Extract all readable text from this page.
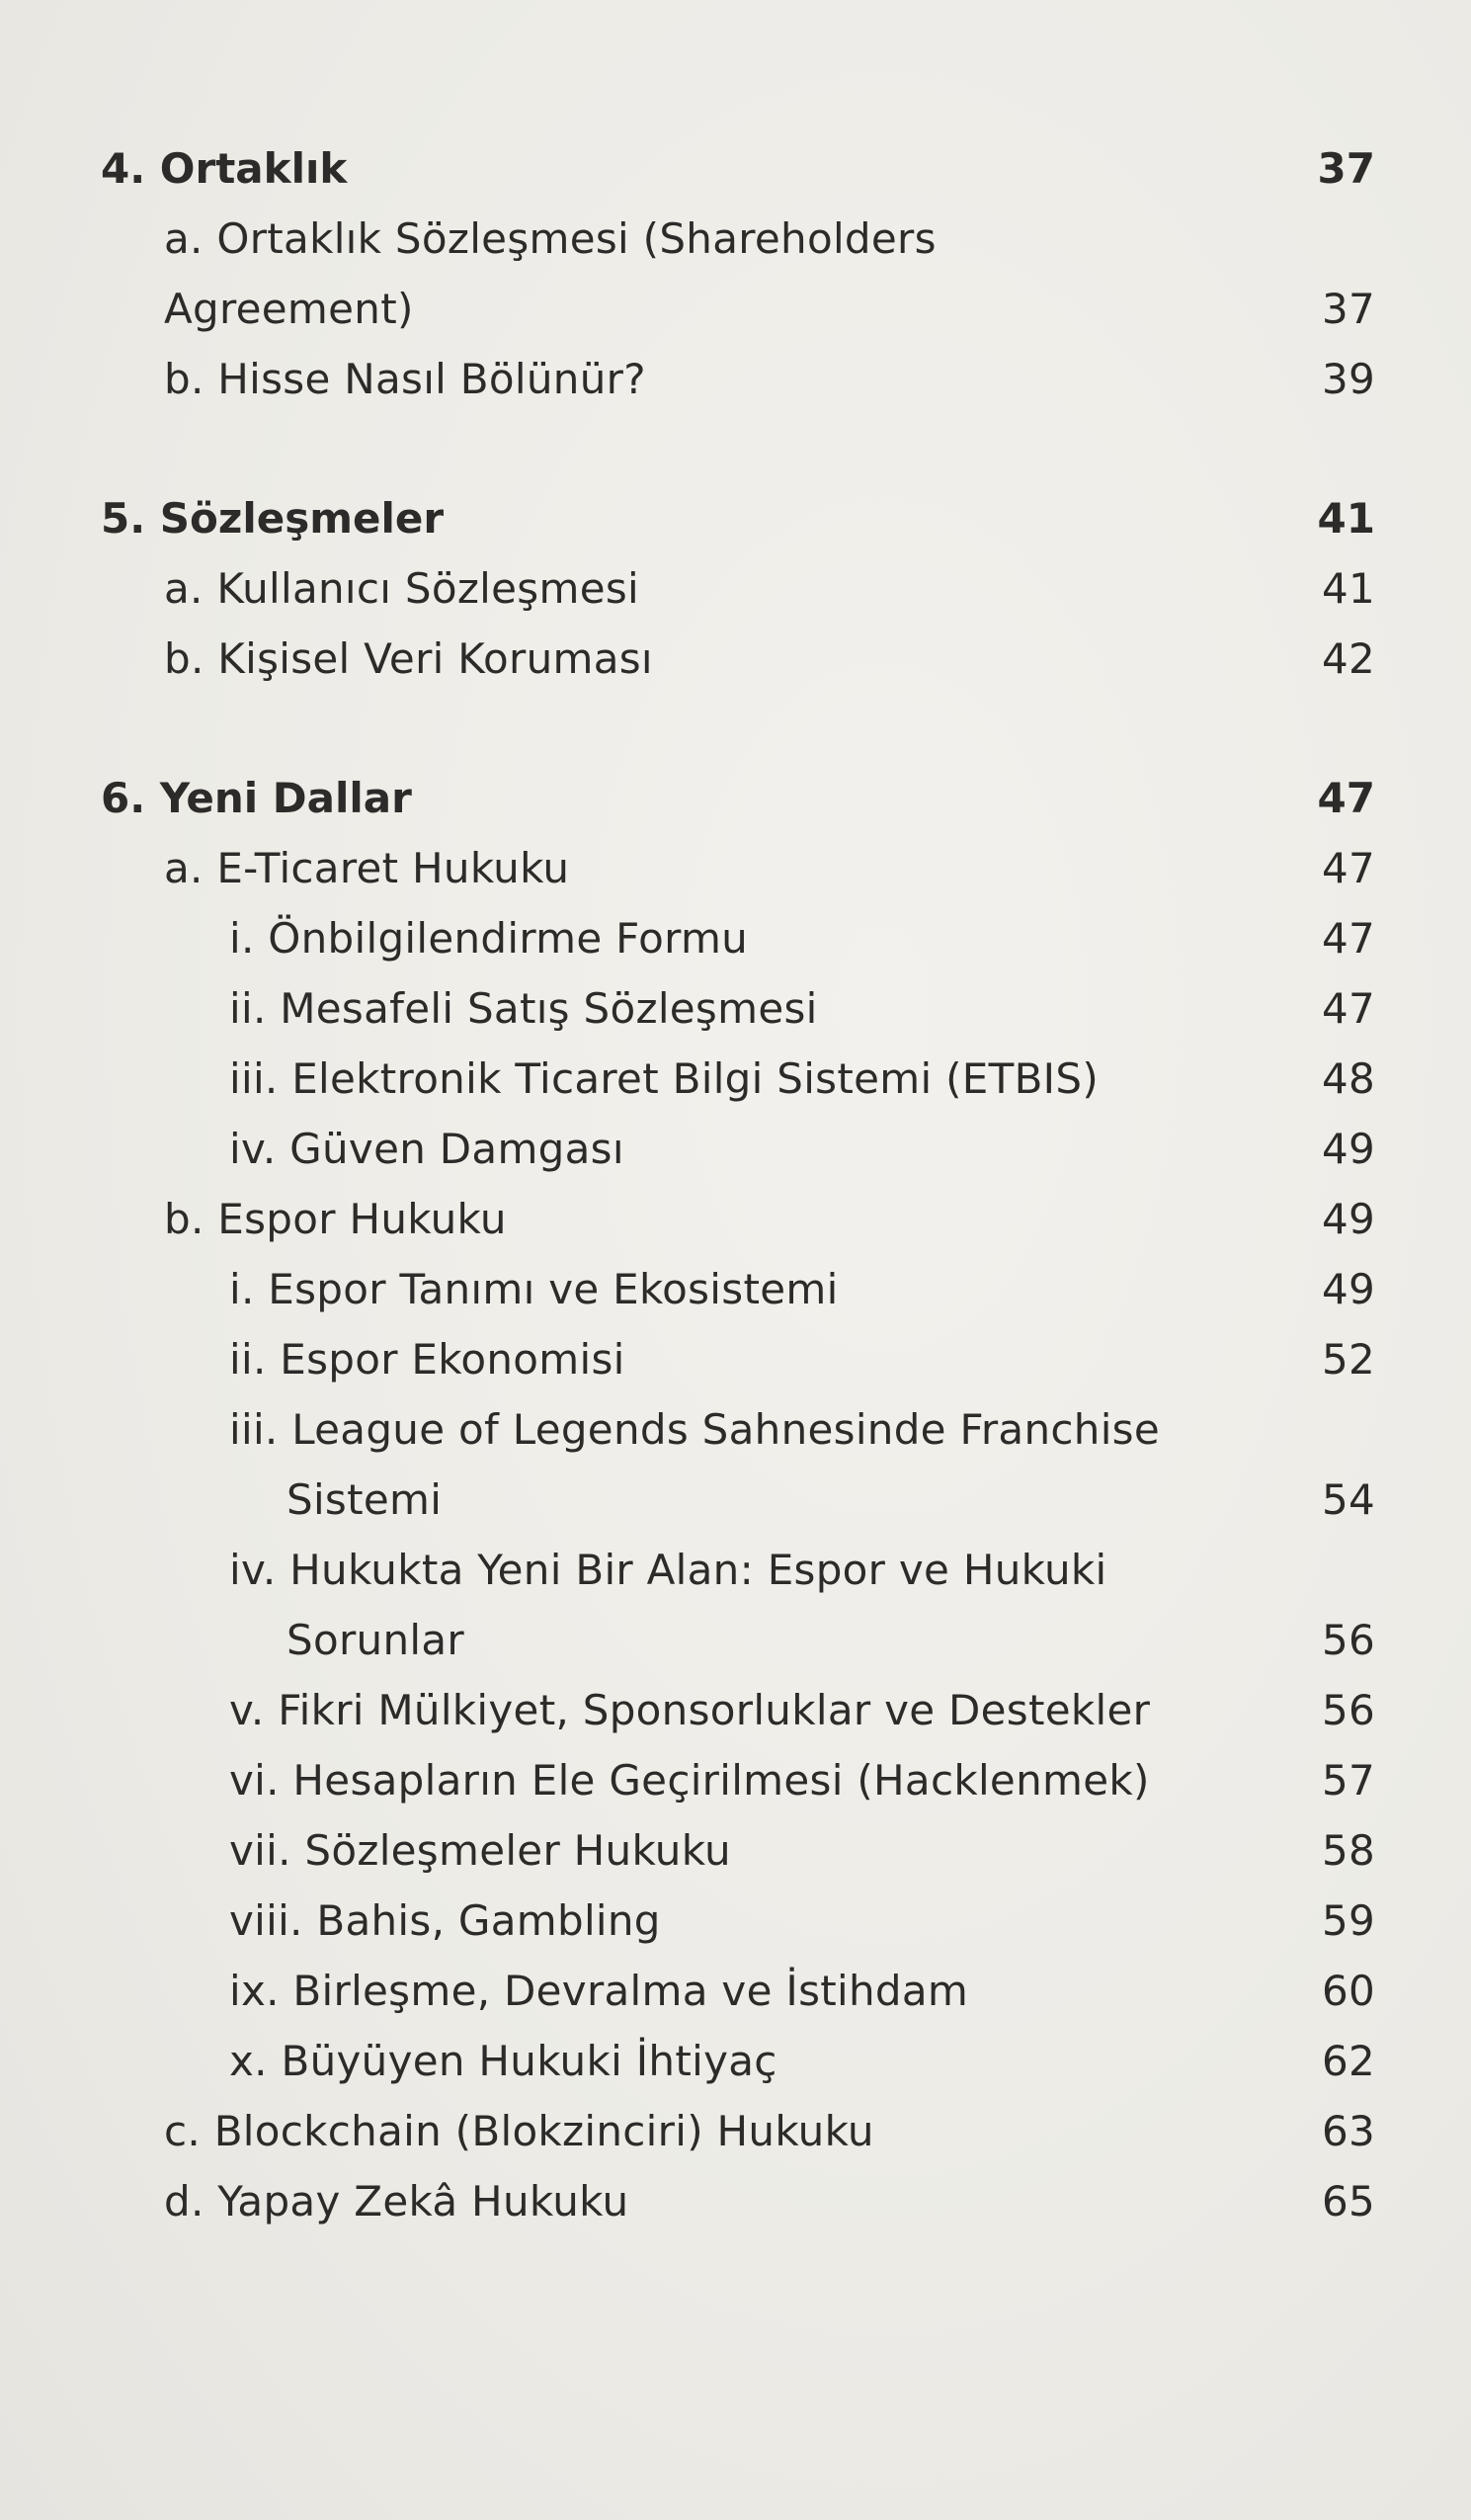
4. Ortaklık	37
a. Ortaklık Sözleşmesi (Shareholders
Agreement)	37
b. Hisse Nasıl Bölünür?	39
5. Sözleşmeler	41
a. Kullanıcı Sözleşmesi	41
b. Kişisel Veri Koruması	42
6. Yeni Dallar	47
a. E-Ticaret Hukuku	47
i. Önbilgilendirme Formu	47
ii. Mesafeli Satış Sözleşmesi	47
iii. Elektronik Ticaret Bilgi Sistemi (ETBIS)	48
iv. Güven Damgası	49
b. Espor Hukuku	49
i. Espor Tanımı ve Ekosistemi	49
ii. Espor Ekonomisi	52
iii. League of Legends Sahnesinde Franchise
Sistemi	54
iv. Hukukta Yeni Bir Alan: Espor ve Hukuki
Sorunlar	56
v. Fikri Mülkiyet, Sponsorluklar ve Destekler	56
vi. Hesapların Ele Geçirilmesi (Hacklenmek)	57
vii. Sözleşmeler Hukuku	58
viii. Bahis, Gambling	59
ix. Birleşme, Devralma ve İstihdam	60
x. Büyüyen Hukuki İhtiyaç	62
c. Blockchain (Blokzinciri) Hukuku	63
d. Yapay Zekâ Hukuku	65
